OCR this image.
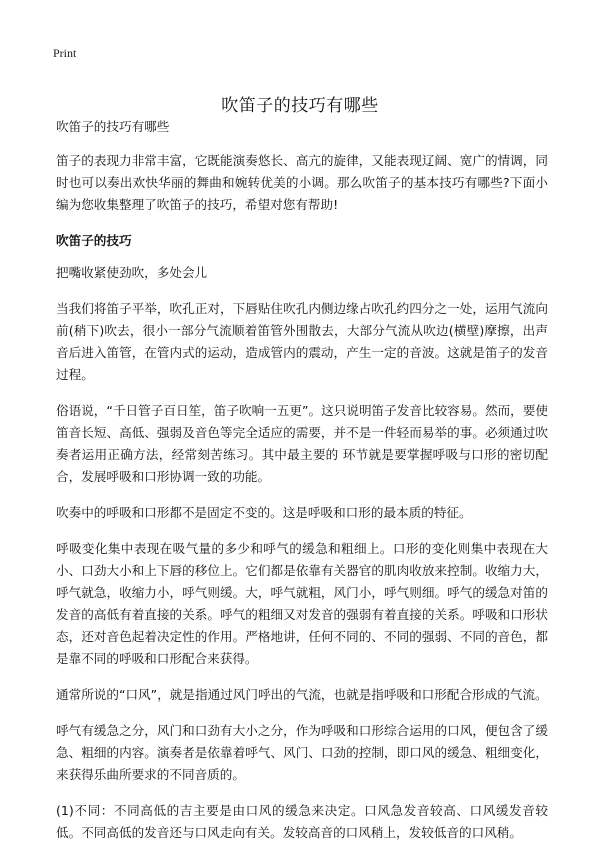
Print
吹笛子的技巧有哪些

吹笛子的技巧有哪些

笛子的表现力非常丰富，它既能演奏悠长、高亢的旋律，又能表现辽阔、宽广的情调，同时也可以奏出欢快华丽的舞曲和婉转优美的小调。那么吹笛子的基本技巧有哪些?下面小编为您收集整理了吹笛子的技巧，希望对您有帮助!

吹笛子的技巧

把嘴收紧使劲吹，多处会儿

当我们将笛子平举，吹孔正对，下唇贴住吹孔内侧边缘占吹孔约四分之一处，运用气流向前(稍下)吹去，很小一部分气流顺着笛管外围散去，大部分气流从吹边(横壁)摩擦，出声音后进入笛管，在管内式的运动，造成管内的震动，产生一定的音波。这就是笛子的发音过程。

俗语说，“千日管子百日笙，笛子吹响一五更”。这只说明笛子发音比较容易。然而，要使笛音长短、高低、强弱及音色等完全适应的需要，并不是一件轻而易举的事。必须通过吹奏者运用正确方法，经常刻苦练习。其中最主要的 环节就是要掌握呼吸与口形的密切配合，发展呼吸和口形协调一致的功能。

吹奏中的呼吸和口形都不是固定不变的。这是呼吸和口形的最本质的特征。

呼吸变化集中表现在吸气量的多少和呼气的缓急和粗细上。口形的变化则集中表现在大小、口劲大小和上下唇的移位上。它们都是依靠有关器官的肌肉收放来控制。收缩力大，呼气就急，收缩力小，呼气则缓。大，呼气就粗，风门小，呼气则细。呼气的缓急对笛的发音的高低有着直接的关系。呼气的粗细又对发音的强弱有着直接的关系。呼吸和口形状态，还对音色起着决定性的作用。严格地讲，任何不同的、不同的强弱、不同的音色，都是靠不同的呼吸和口形配合来获得。

通常所说的“口风”，就是指通过风门呼出的气流，也就是指呼吸和口形配合形成的气流。

呼气有缓急之分，风门和口劲有大小之分，作为呼吸和口形综合运用的口风，便包含了缓急、粗细的内容。演奏者是依靠着呼气、风门、口劲的控制，即口风的缓急、粗细变化，来获得乐曲所要求的不同音质的。

(1)不同：不同高低的吉主要是由口风的缓急来决定。口风急发音较高、口风缓发音较低。不同高低的发音还与口风走向有关。发较高音的口风稍上，发较低音的口风稍。
